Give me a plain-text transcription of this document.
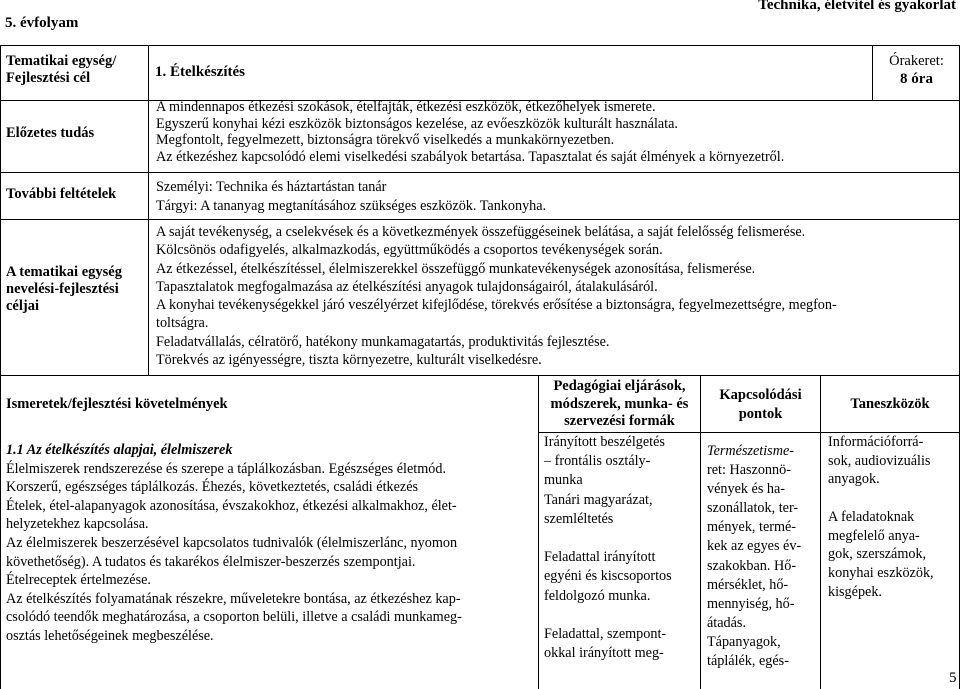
5. évfolyam
Technika, életvitel és gyakorlat
Tematikai egység/ Fejlesztési cél	1. Ételkészítés
Órakeret:
8 óra
Előzetes tudás
A mindennapos étkezési szokások, ételfajták, étkezési eszközök, étkezőhelyek ismerete.
Egyszerű konyhai kézi eszközök biztonságos kezelése, az evőeszközök kulturált használata.
Megfontolt, fegyelmezett, biztonságra törekvő viselkedés a munkakörnyezetben.
Az étkezéshez kapcsolódó elemi viselkedési szabályok betartása. Tapasztalat és saját élmények a környezetről.
További feltételek	Személyi: Technika és háztartástan tanár
Tárgyi: A tananyag megtanításához szükséges eszközök. Tankonyha.
A tematikai egység nevelési-fejlesztési céljai
A saját tevékenység, a cselekvések és a következmények összefüggéseinek belátása, a saját felelősség felismerése.
Kölcsönös odafigyelés, alkalmazkodás, együttműködés a csoportos tevékenységek során.
Az étkezéssel, ételkészítéssel, élelmiszerekkel összefüggő munkatevékenységek azonosítása, felismerése.
Tapasztalatok megfogalmazása az ételkészítési anyagok tulajdonságairól, átalakulásáról.
A konyhai tevékenységekkel járó veszélyérzet kifejlődése, törekvés erősítése a biztonságra, fegyelmezettségre, megfon-
toltságra.
Feladatvállalás, célratörő, hatékony munkamagatartás, produktivitás fejlesztése.
Törekvés az igényességre, tiszta környezetre, kulturált viselkedésre.
Ismeretek/fejlesztési követelmények
Pedagógiai eljárások, módszerek, munka- és szervezési formák
Kapcsolódási pontok
Taneszközök
1.1 Az ételkészítés alapjai, élelmiszerek
Élelmiszerek rendszerezése és szerepe a táplálkozásban. Egészséges életmód.
Korszerű, egészséges táplálkozás. Éhezés, következtetés, családi étkezés
Ételek, étel-alapanyagok azonosítása, évszakokhoz, étkezési alkalmakhoz, élet-
helyzetekhez kapcsolása.
Az élelmiszerek beszerzésével kapcsolatos tudnivalók (élelmiszerlánc, nyomon
követhetőség). A tudatos és takarékos élelmiszer-beszerzés szempontjai.
Ételreceptek értelmezése.
Az ételkészítés folyamatának részekre, műveletekre bontása, az étkezéshez kap-
csolódó teendők meghatározása, a csoporton belüli, illetve a családi munkameg-
osztás lehetőségeinek megbeszélése.
Irányított beszélgetés
– frontális osztály-
munka
Tanári magyarázat,
szemléltetés

Feladattal irányított
egyéni és kiscsoportos
feldolgozó munka.

Feladattal, szempont-
okkal irányított meg-
Természetisme-
ret: Haszonnö-
vények és ha-
szonállatok, ter-
mények, termé-
kek az egyes év-
szakokban. Hő-
mérséklet, hő-
mennyiség, hő-
átadás.
Tápanyagok,
táplálék, egés-
Információforrá-
sok, audiovizuális
anyagok.

A feladatoknak
megfelelő anya-
gok, szerszámok,
konyhai eszközök,
kisgépek.
5
